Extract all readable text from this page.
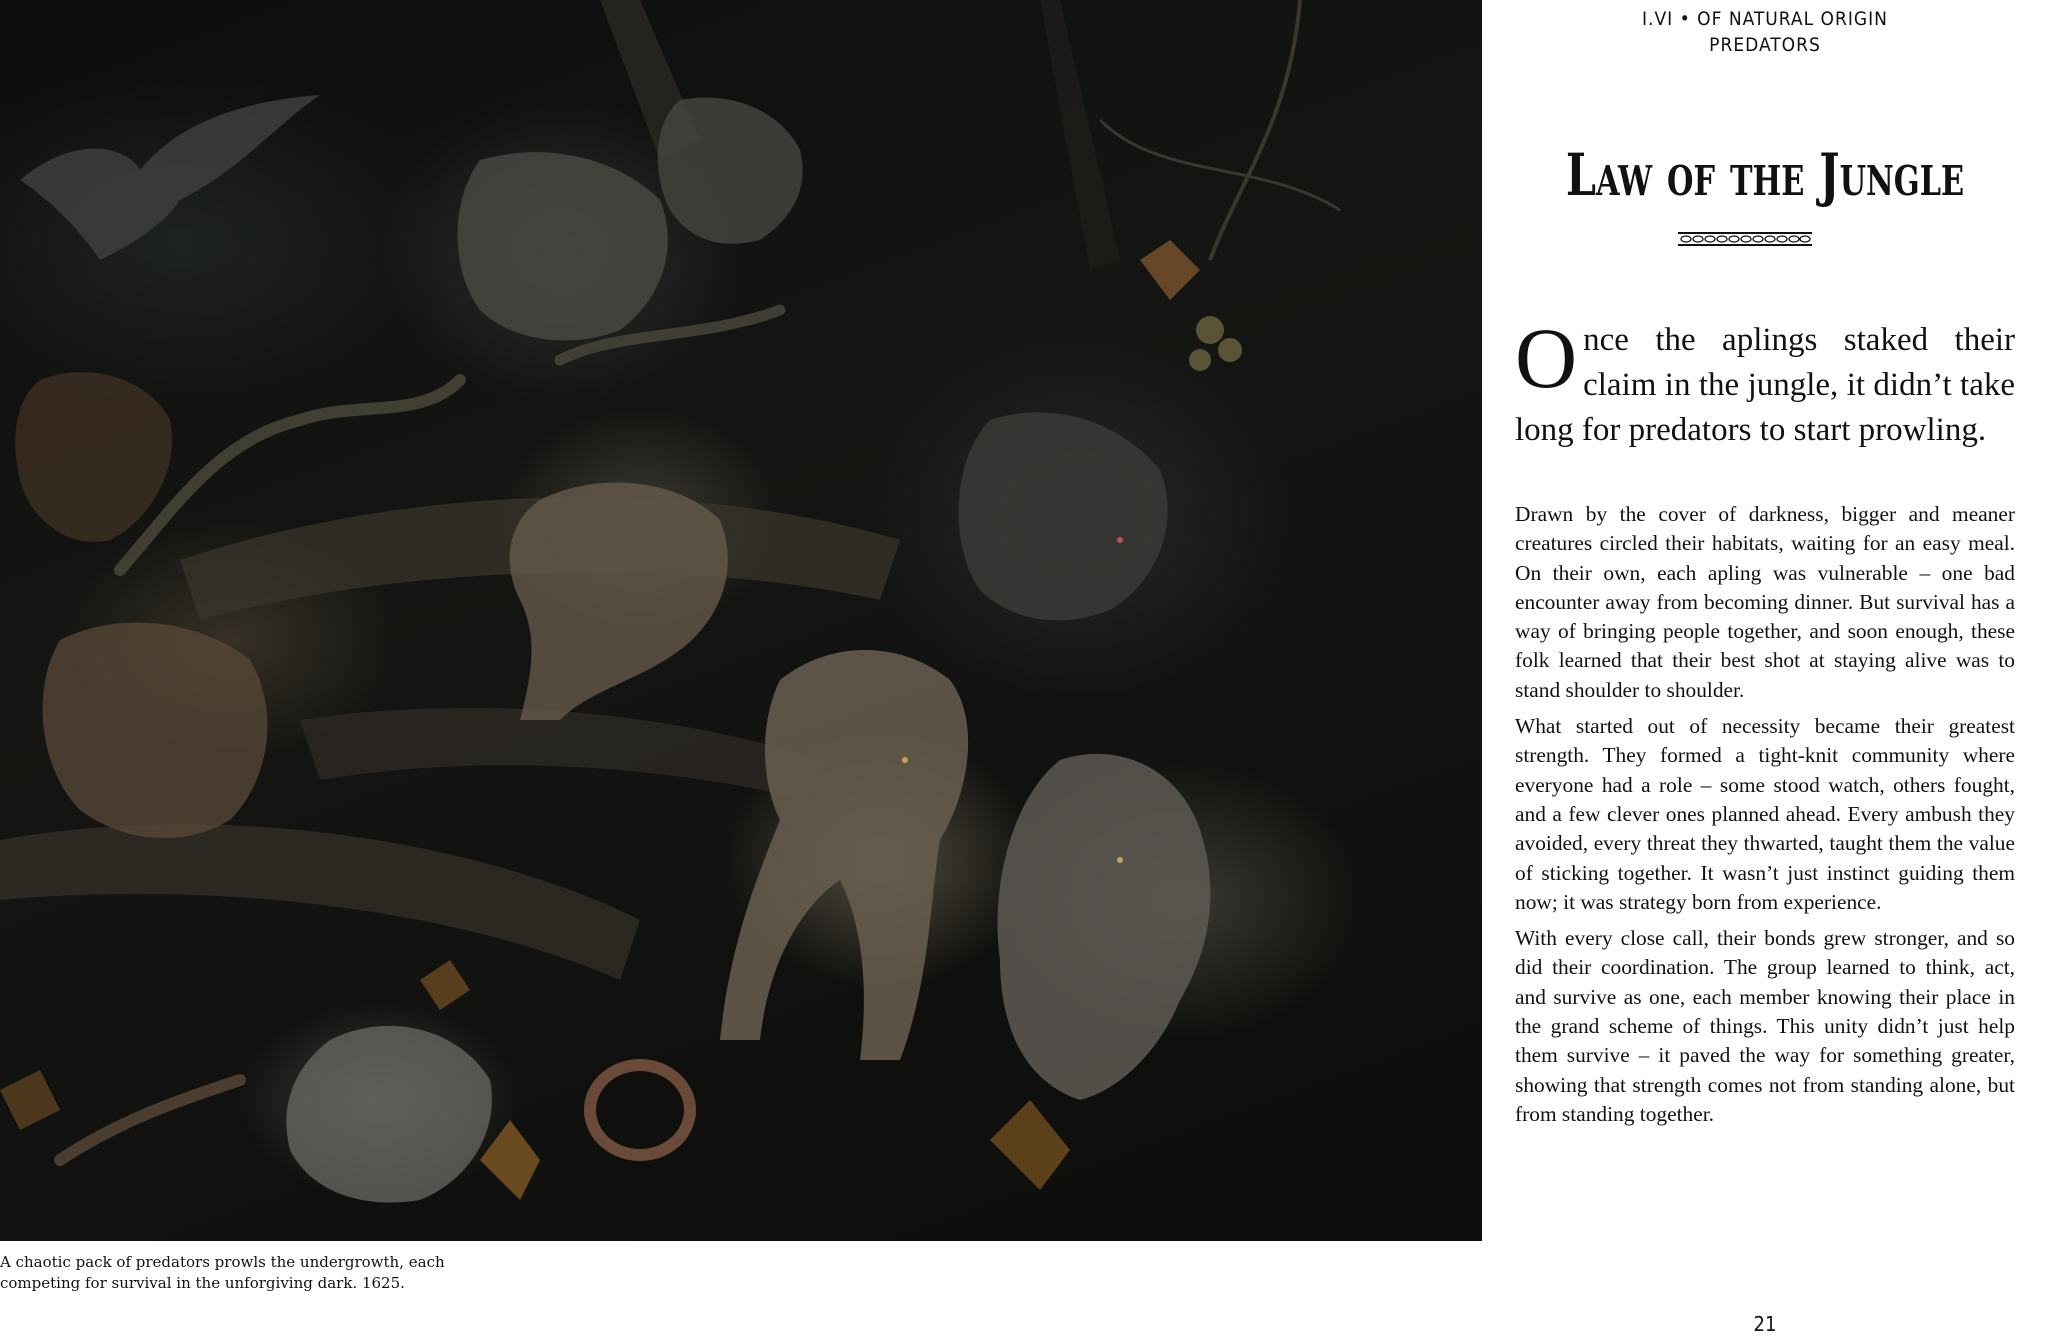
A chaotic pack of predators prowls the undergrowth, each competing for survival in the unforgiving dark. 1625.
I.VI • OF NATURAL ORIGIN
PREDATORS
Law of the Jungle
Once the aplings staked their claim in the jungle, it didn’t take long for predators to start prowling.

Drawn by the cover of darkness, bigger and meaner creatures circled their habitats, waiting for an easy meal. On their own, each apling was vulnerable – one bad encounter away from becoming dinner. But survival has a way of bringing people together, and soon enough, these folk learned that their best shot at staying alive was to stand shoulder to shoulder.

What started out of necessity became their greatest strength. They formed a tight-knit community where everyone had a role – some stood watch, others fought, and a few clever ones planned ahead. Every ambush they avoided, every threat they thwarted, taught them the value of sticking together. It wasn’t just instinct guiding them now; it was strategy born from experience.

With every close call, their bonds grew stronger, and so did their coordination. The group learned to think, act, and survive as one, each member knowing their place in the grand scheme of things. This unity didn’t just help them survive – it paved the way for something greater, showing that strength comes not from standing alone, but from standing together.

21
